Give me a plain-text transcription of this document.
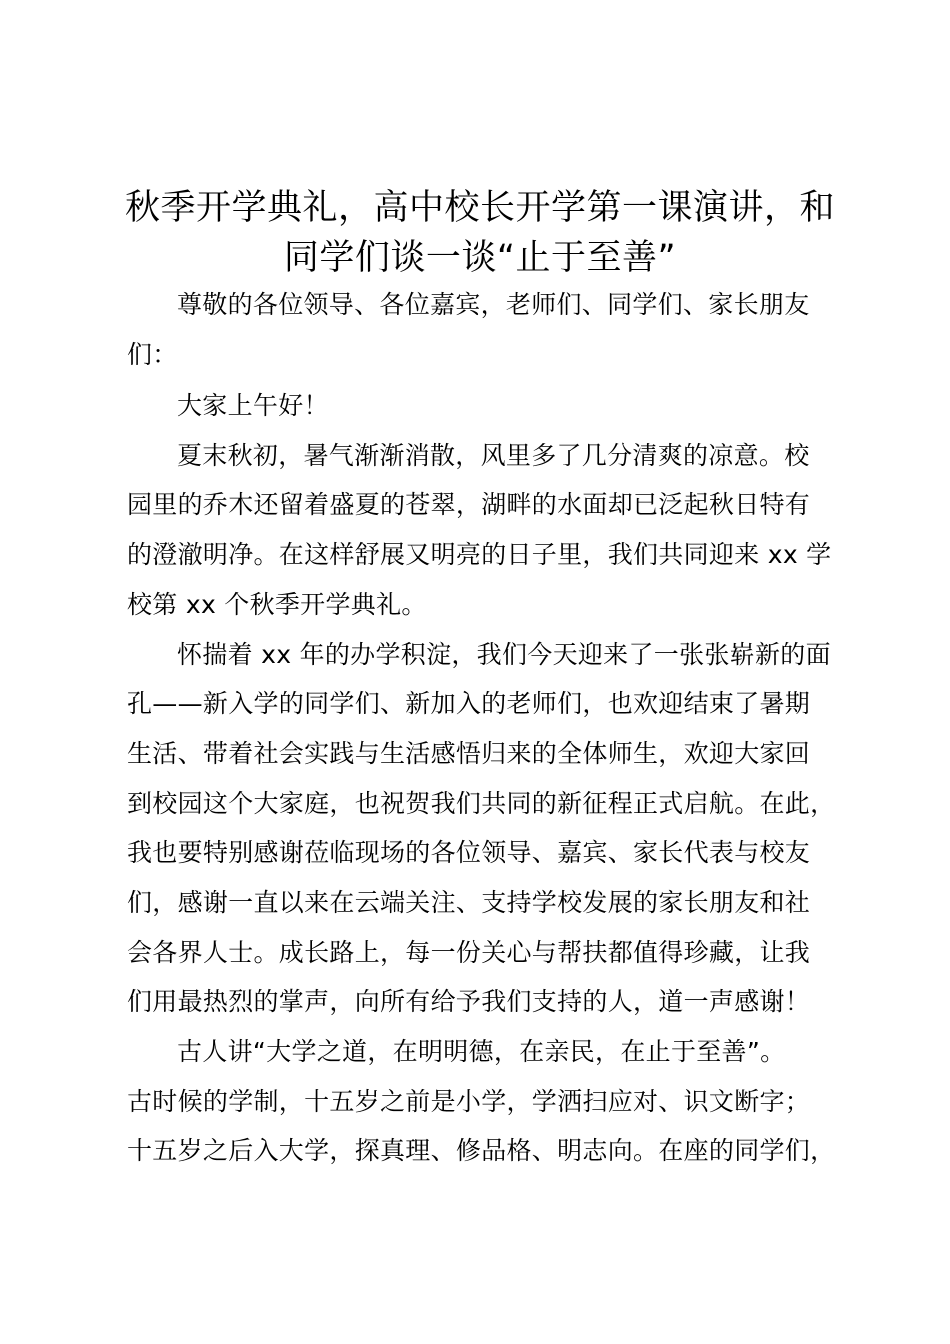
秋季开学典礼，高中校长开学第一课演讲，和
同学们谈一谈“止于至善”
尊敬的各位领导、各位嘉宾，老师们、同学们、家长朋友
们：
大家上午好！
夏末秋初，暑气渐渐消散，风里多了几分清爽的凉意。校
园里的乔木还留着盛夏的苍翠，湖畔的水面却已泛起秋日特有
的澄澈明净。在这样舒展又明亮的日子里，我们共同迎来 xx 学
校第 xx 个秋季开学典礼。
怀揣着 xx 年的办学积淀，我们今天迎来了一张张崭新的面
孔——新入学的同学们、新加入的老师们，也欢迎结束了暑期
生活、带着社会实践与生活感悟归来的全体师生，欢迎大家回
到校园这个大家庭，也祝贺我们共同的新征程正式启航。在此，
我也要特别感谢莅临现场的各位领导、嘉宾、家长代表与校友
们，感谢一直以来在云端关注、支持学校发展的家长朋友和社
会各界人士。成长路上，每一份关心与帮扶都值得珍藏，让我
们用最热烈的掌声，向所有给予我们支持的人，道一声感谢！
古人讲“大学之道，在明明德，在亲民，在止于至善”。
古时候的学制，十五岁之前是小学，学洒扫应对、识文断字；
十五岁之后入大学，探真理、修品格、明志向。在座的同学们，
